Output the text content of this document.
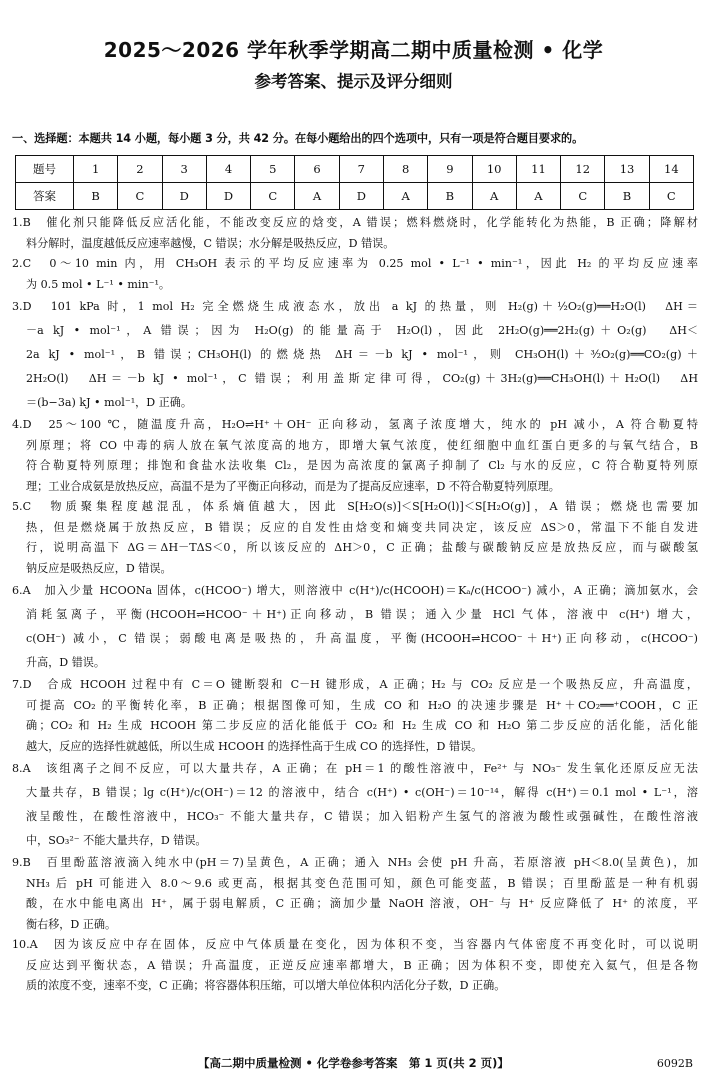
2025～2026 学年秋季学期高二期中质量检测 • 化学
参考答案、提示及评分细则
一、选择题：本题共 14 小题，每小题 3 分，共 42 分。在每小题给出的四个选项中，只有一项是符合题目要求的。
题号	1	2	3	4	5	6	7	8	9	10	11	12	13	14
答案	B	C	D	D	C	A	D	A	B	A	A	C	B	C
1.B　催化剂只能降低反应活化能，不能改变反应的焓变，A 错误；燃料燃烧时，化学能转化为热能，B 正确；降解材
料分解时，温度越低反应速率越慢，C 错误；水分解是吸热反应，D 错误。
2.C　0～10 min 内，用 CH₃OH 表示的平均反应速率为 0.25 mol • L⁻¹ • min⁻¹，因此 H₂ 的平均反应速率
为 0.5 mol • L⁻¹ • min⁻¹。
3.D　101 kPa 时，1 mol H₂ 完全燃烧生成液态水，放出 a kJ 的热量，则 H₂(g)＋½O₂(g)══H₂O(l)　ΔH＝
－a kJ • mol⁻¹，A 错误；因为 H₂O(g) 的能量高于 H₂O(l)，因此 2H₂O(g)══2H₂(g)＋O₂(g)　ΔH＜
2a kJ • mol⁻¹，B 错误；CH₃OH(l) 的燃烧热 ΔH＝－b kJ • mol⁻¹，则 CH₃OH(l)＋³⁄₂O₂(g)══CO₂(g)＋
2H₂O(l)　ΔH＝－b kJ • mol⁻¹，C 错误；利用盖斯定律可得，CO₂(g)＋3H₂(g)══CH₃OH(l)＋H₂O(l)　ΔH
＝(b−3a) kJ • mol⁻¹，D 正确。
4.D　25～100 ℃，随温度升高，H₂O⇌H⁺＋OH⁻ 正向移动，氢离子浓度增大，纯水的 pH 减小，A 符合勒夏特
列原理；将 CO 中毒的病人放在氧气浓度高的地方，即增大氧气浓度，使红细胞中血红蛋白更多的与氧气结合，B
符合勒夏特列原理；排饱和食盐水法收集 Cl₂，是因为高浓度的氯离子抑制了 Cl₂ 与水的反应，C 符合勒夏特列原
理；工业合成氨是放热反应，高温不是为了平衡正向移动，而是为了提高反应速率，D 不符合勒夏特列原理。
5.C　物质聚集程度越混乱，体系熵值越大，因此 S[H₂O(s)]＜S[H₂O(l)]＜S[H₂O(g)]，A 错误；燃烧也需要加
热，但是燃烧属于放热反应，B 错误；反应的自发性由焓变和熵变共同决定，该反应 ΔS＞0，常温下不能自发进
行，说明高温下 ΔG＝ΔH－TΔS＜0，所以该反应的 ΔH＞0，C 正确；盐酸与碳酸钠反应是放热反应，而与碳酸氢
钠反应是吸热反应，D 错误。
6.A　加入少量 HCOONa 固体，c(HCOO⁻) 增大，则溶液中 c(H⁺)/c(HCOOH)＝Kₐ/c(HCOO⁻) 减小，A 正确；滴加氨水，会
消耗氢离子，平衡(HCOOH⇌HCOO⁻＋H⁺)正向移动，B 错误；通入少量 HCl 气体，溶液中 c(H⁺) 增大，
c(OH⁻) 减小，C 错误；弱酸电离是吸热的，升高温度，平衡(HCOOH⇌HCOO⁻＋H⁺)正向移动，c(HCOO⁻)
升高，D 错误。
7.D　合成 HCOOH 过程中有 C＝O 键断裂和 C－H 键形成，A 正确；H₂ 与 CO₂ 反应是一个吸热反应，升高温度，
可提高 CO₂ 的平衡转化率，B 正确；根据图像可知，生成 CO 和 H₂O 的决速步骤是 H⁺＋CO₂══⁺COOH，C 正
确；CO₂ 和 H₂ 生成 HCOOH 第二步反应的活化能低于 CO₂ 和 H₂ 生成 CO 和 H₂O 第二步反应的活化能，活化能
越大，反应的选择性就越低，所以生成 HCOOH 的选择性高于生成 CO 的选择性，D 错误。
8.A　该组离子之间不反应，可以大量共存，A 正确；在 pH＝1 的酸性溶液中，Fe²⁺ 与 NO₃⁻ 发生氧化还原反应无法
大量共存，B 错误；lg c(H⁺)/c(OH⁻)＝12 的溶液中，结合 c(H⁺) • c(OH⁻)＝10⁻¹⁴，解得 c(H⁺)＝0.1 mol • L⁻¹，溶
液呈酸性，在酸性溶液中，HCO₃⁻ 不能大量共存，C 错误；加入铝粉产生氢气的溶液为酸性或强碱性，在酸性溶液
中，SO₃²⁻ 不能大量共存，D 错误。
9.B　百里酚蓝溶液滴入纯水中(pH＝7)呈黄色，A 正确；通入 NH₃ 会使 pH 升高，若原溶液 pH＜8.0(呈黄色)，加
NH₃ 后 pH 可能进入 8.0～9.6 或更高，根据其变色范围可知，颜色可能变蓝，B 错误；百里酚蓝是一种有机弱
酸，在水中能电离出 H⁺，属于弱电解质，C 正确；滴加少量 NaOH 溶液，OH⁻ 与 H⁺ 反应降低了 H⁺ 的浓度，平
衡右移，D 正确。
10.A　因为该反应中存在固体，反应中气体质量在变化，因为体积不变，当容器内气体密度不再变化时，可以说明
反应达到平衡状态，A 错误；升高温度，正逆反应速率都增大，B 正确；因为体积不变，即使充入氦气，但是各物
质的浓度不变，速率不变，C 正确；将容器体积压缩，可以增大单位体积内活化分子数，D 正确。
【高二期中质量检测 • 化学卷参考答案　第 1 页(共 2 页)】	6092B
